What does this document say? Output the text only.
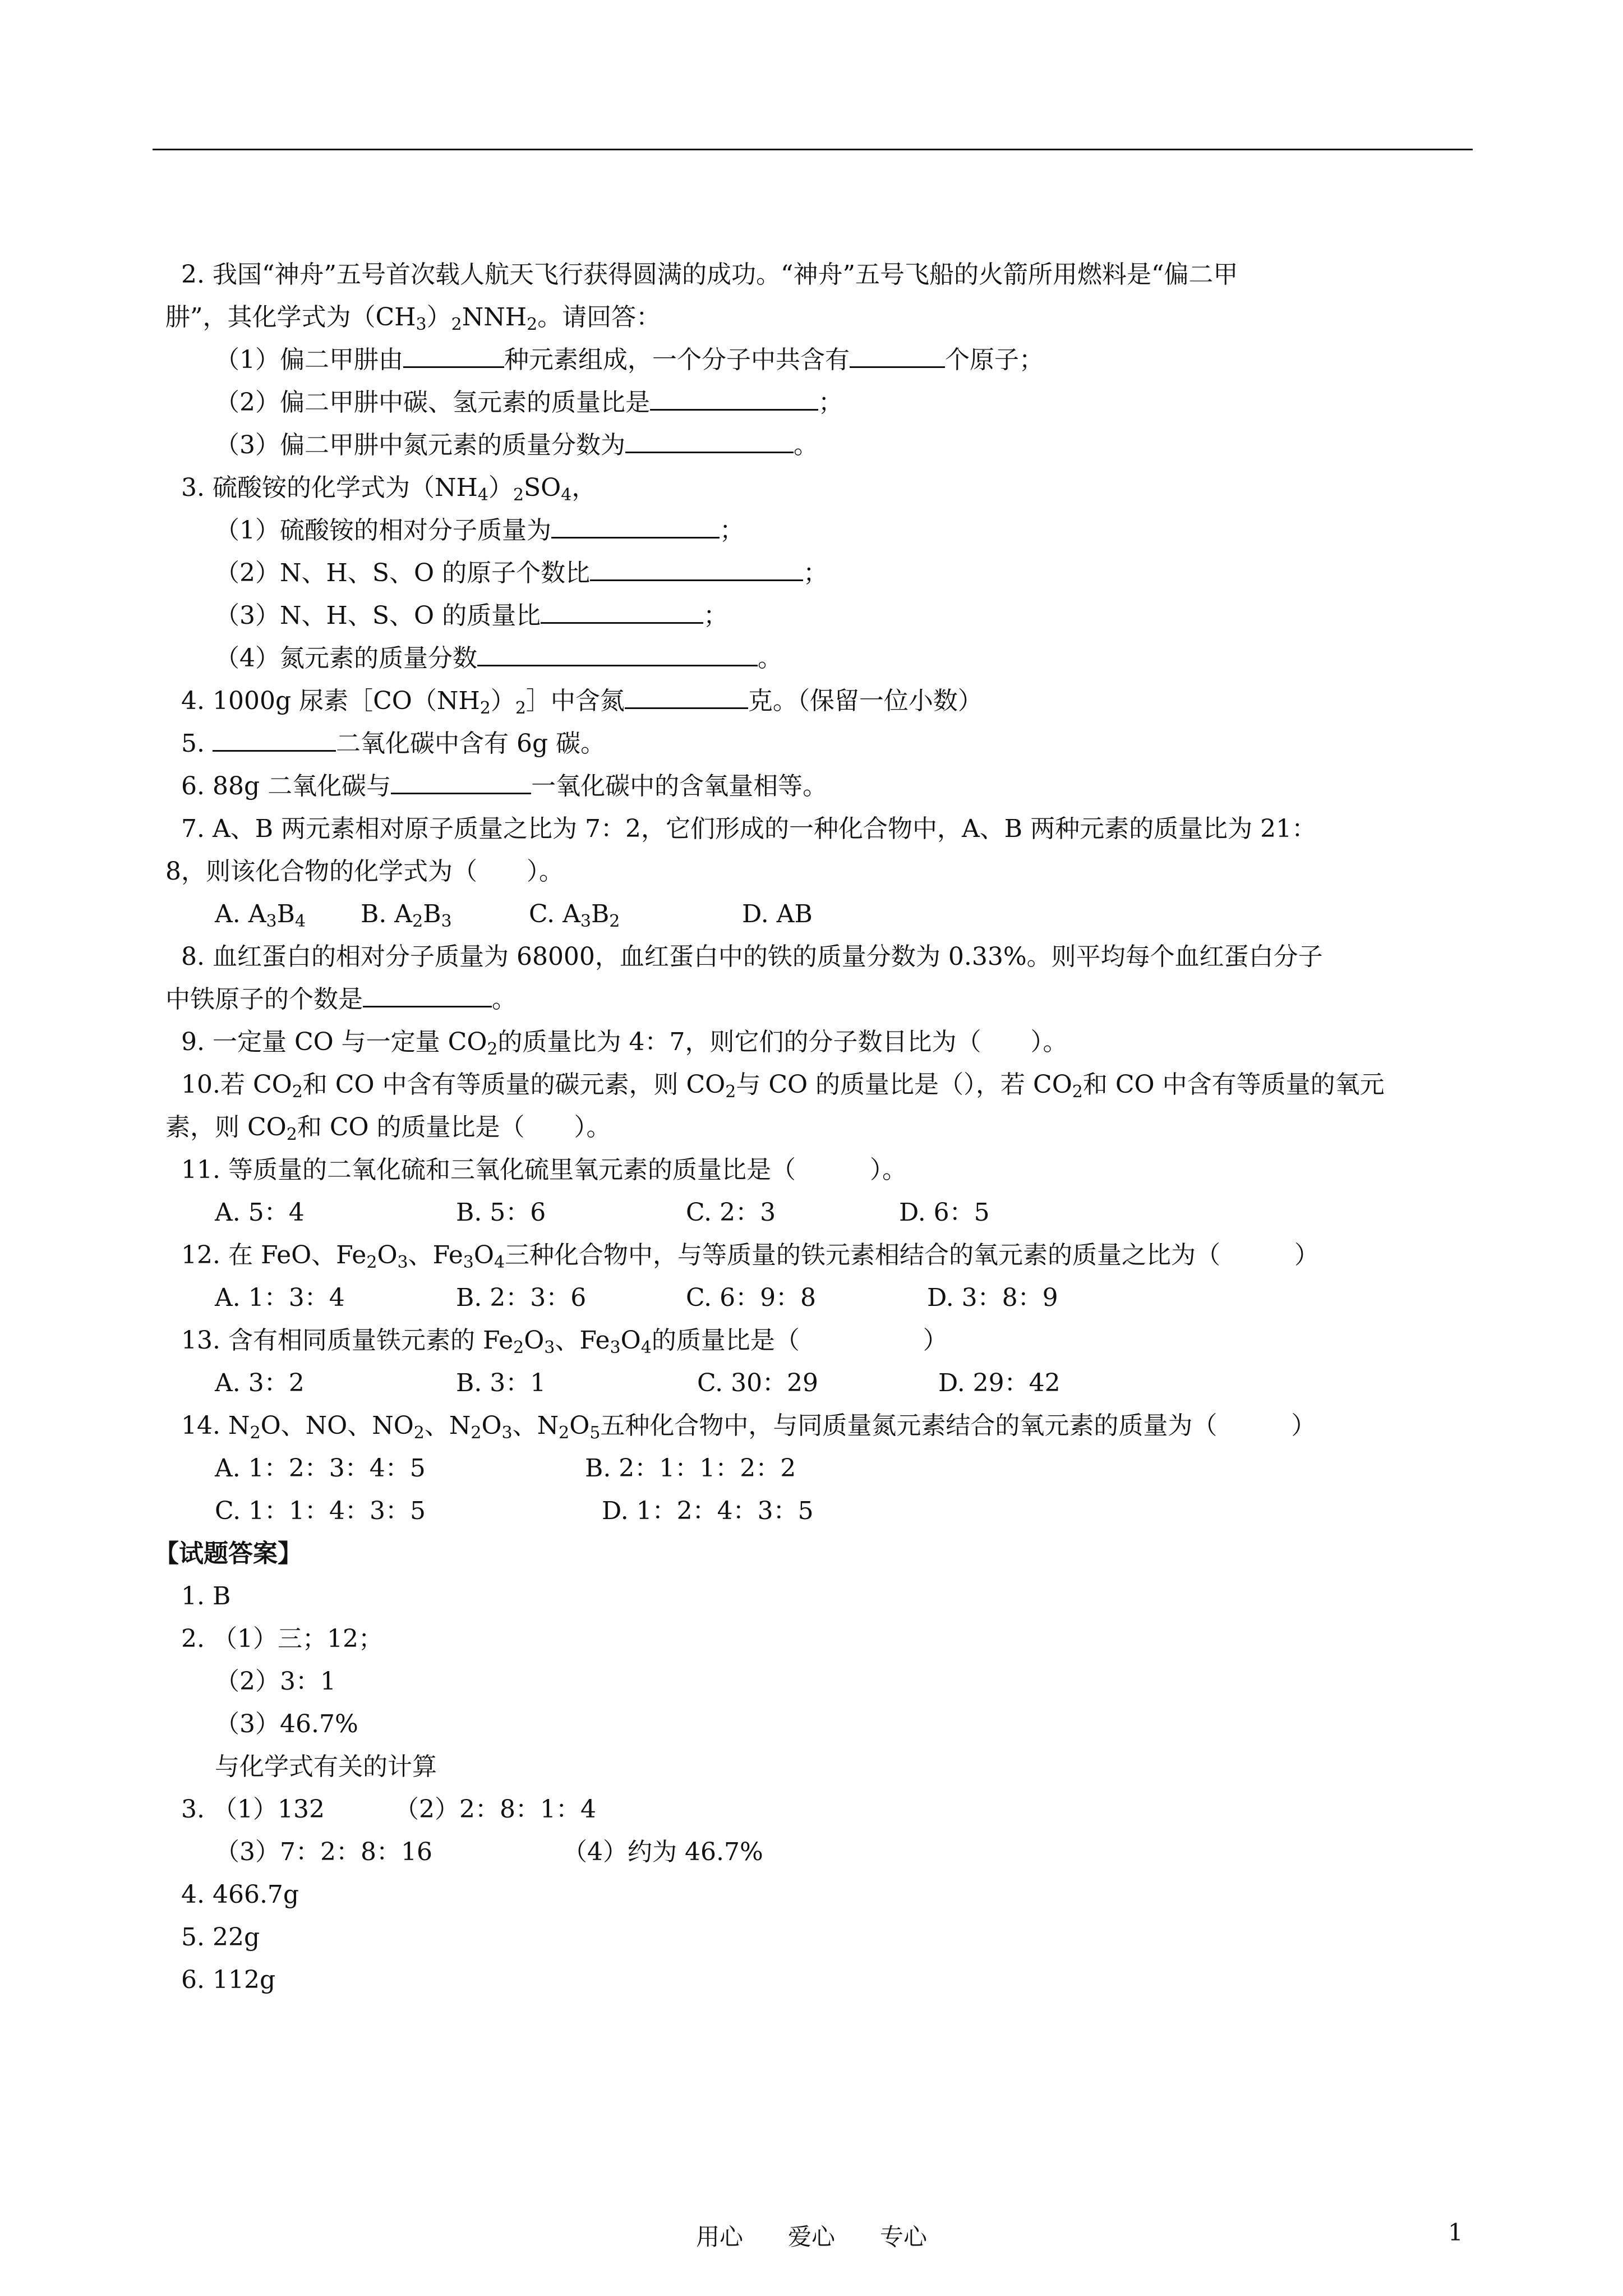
2. 我国“神舟”五号首次载人航天飞行获得圆满的成功。“神舟”五号飞船的火箭所用燃料是“偏二甲
肼”，其化学式为$(CH_3)_2NNH_2$。请回答：
（1）偏二甲肼由	种元素组成，一个分子中共含有	个原子；
（2）偏二甲肼中碳、氢元素的质量比是	；
（3）偏二甲肼中氮元素的质量分数为	。
3. 硫酸铵的化学式为$(NH_4)_2SO_4$，
（1）硫酸铵的相对分子质量为	；
（2）N、H、S、O 的原子个数比	；
（3）N、H、S、O 的质量比	；
（4）氮元素的质量分数	。
4. 1000g 尿素$[CO(NH_2)_2]$中含氮	克。（保留一位小数）
5.	二氧化碳中含有 6g 碳。
6. 88g 二氧化碳与	一氧化碳中的含氧量相等。
7. A、B 两元素相对原子质量之比为 7：2，它们形成的一种化合物中，A、B 两种元素的质量比为 21：
8，则该化合物的化学式为（　　）。
A. $A_3B_4$ B. $A_2B_3$	C. $A_3B_2$	D. AB
8. 血红蛋白的相对分子质量为 68000，血红蛋白中的铁的质量分数为 0.33%。则平均每个血红蛋白分子
中铁原子的个数是	。
9. 一定量 CO 与一定量 $CO_2$的质量比为 4：7，则它们的分子数目比为（　　）。
10.若 $CO_2$和 CO 中含有等质量的碳元素，则 $CO_2$与 CO 的质量比是（），若 $CO_2$和 CO 中含有等质量的氧元
素，则 $CO_2$和 CO 的质量比是（　　）。
11. 等质量的二氧化硫和三氧化硫里氧元素的质量比是（　　　）。
A. 5：4	B. 5：6	C. 2：3	D. 6：5
12. 在 FeO、$Fe_2O_3$、$Fe_3O_4$三种化合物中，与等质量的铁元素相结合的氧元素的质量之比为（　　　）
A. 1：3：4	B. 2：3：6	C. 6：9：8	D. 3：8：9
13. 含有相同质量铁元素的 $Fe_2O_3$、$Fe_3O_4$的质量比是（　　　　　）
A. 3：2	B. 3：1	C. 30：29	D. 29：42
14. $N_2O$、NO、$NO_2$、$N_2O_3$、$N_2O_5$五种化合物中，与同质量氮元素结合的氧元素的质量为（　　　）
A. 1：2：3：4：5	B. 2：1：1：2：2
C. 1：1：4：3：5	D. 1：2：4：3：5
【试题答案】
1. B
2. （1）三；12；
（2）3：1
（3）46.7%
与化学式有关的计算
3. （1）132	（2）2：8：1：4
（3）7：2：8：16	（4）约为 46.7%
4. 466.7g
5. 22g
6. 112g
用心 爱心 专心	1
